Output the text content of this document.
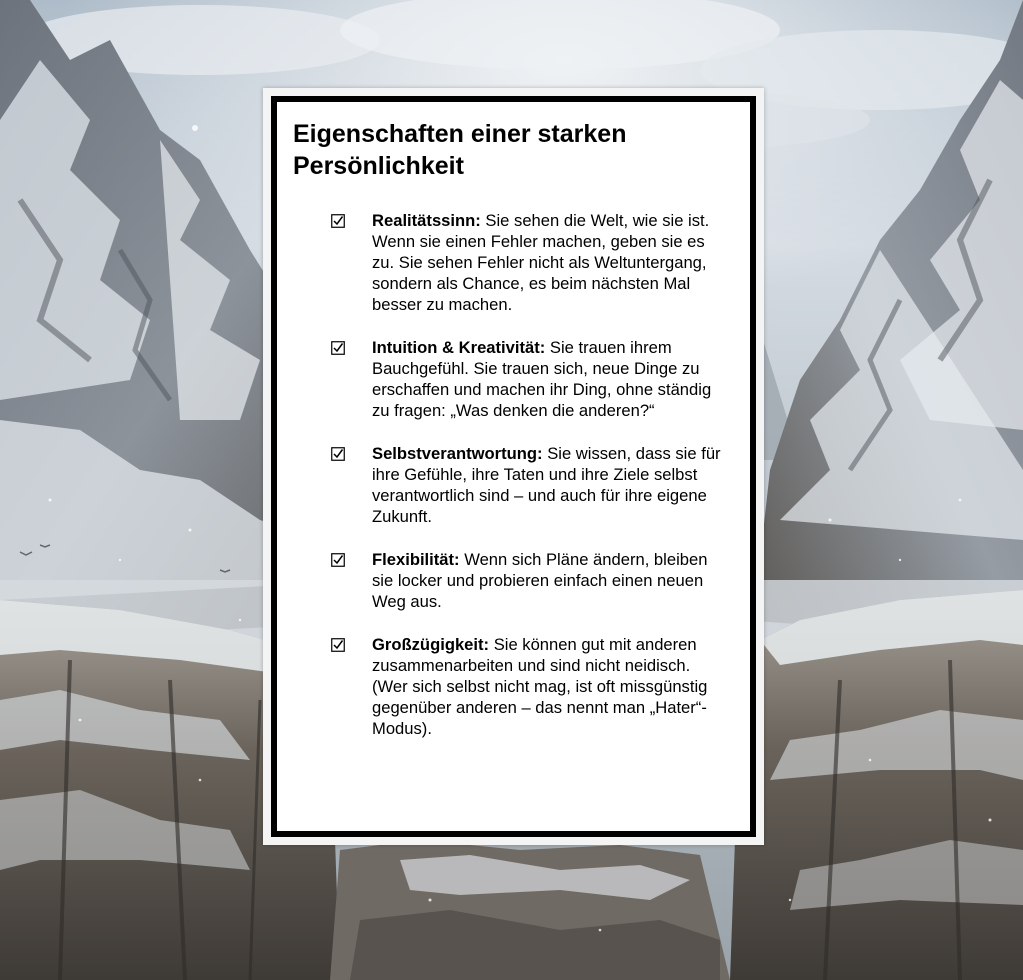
Eigenschaften einer starken Persönlichkeit
Realitätssinn: Sie sehen die Welt, wie sie ist. Wenn sie einen Fehler machen, geben sie es zu. Sie sehen Fehler nicht als Weltuntergang, sondern als Chance, es beim nächsten Mal besser zu machen.
Intuition & Kreativität: Sie trauen ihrem Bauchgefühl. Sie trauen sich, neue Dinge zu erschaffen und machen ihr Ding, ohne ständig zu fragen: „Was denken die anderen?“
Selbstverantwortung: Sie wissen, dass sie für ihre Gefühle, ihre Taten und ihre Ziele selbst verantwortlich sind – und auch für ihre eigene Zukunft.
Flexibilität: Wenn sich Pläne ändern, bleiben sie locker und probieren einfach einen neuen Weg aus.
Großzügigkeit: Sie können gut mit anderen zusammenarbeiten und sind nicht neidisch. (Wer sich selbst nicht mag, ist oft missgünstig gegenüber anderen – das nennt man „Hater“-Modus).
